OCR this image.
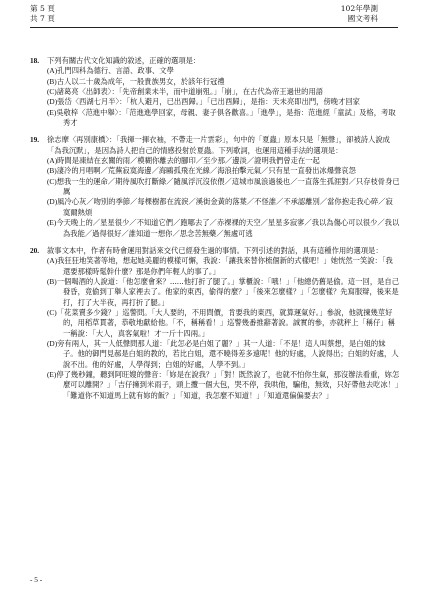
第 5 頁
共 7 頁
102年學測
國文考科
18. 下列有關古代文化知識的敘述，正確的選項是：
(A)孔門四科為德行、言語、政事、文學
(B)古人以二十歲為成年，一般貴族男女，於該年行冠禮
(C)諸葛亮〈出師表〉：「先帝創業未半，而中道崩殂。」「崩」，在古代為帝王過世的用語
(D)張岱〈西湖七月半〉：「杭人避月，已出酉歸。」「已出酉歸」，是指：天未亮即出門，傍晚才回家
(E)吳敬梓〈范進中舉〉：「范進進學回家，母親、妻子俱各歡喜。」「進學」，是指：范進經「童試」及格，考取秀才
19. 徐志摩〈再別康橋〉：「我揮一揮衣袖，不帶走一片雲彩」，句中的「夏蟲」原本只是「無聲」，卻被詩人說成「為我沉默」，是因為詩人把自己的情感投射於夏蟲。下列歌詞，也運用這種手法的選項是：
(A)時間是凍結在玄關的雨／模糊你離去的腳印／至少那／邊淡／證明我們曾走在一起
(B)淒冷的月唱啊／荒蕪寂寞海邊／海鷗孤飛在光線／海浪拍擊元氣／只有星一直發出冰爆聲哀怨
(C)想我一生的運命／期待風吹打斷綠／隨風浮沉沒依偎／這城市風浪過後也／一直落生孤涯對／只存枝骨身已厲
(D)風冷心灰／吻別的季節／每棵樹都在流淚／溪街金黃的落葉／不怪誰／不承認離別／當你抱走我心碎／寂寞爾熱煩
(E)今天晚上的／星星很少／不知道它們／跑哪去了／赤裸裸的天空／星星多寂寥／我以為傷心可以很少／我以為我能／過得很好／誰知道一想你／思念苦無藥／無處可逃
20. 敘事文本中，作者有時會運用對話來交代已經發生過的事情。下列引述的對話，具有這種作用的選項是：
(A)我狂狂地笑著等地，想起她美麗的模樣可懈，我說：「讓我來替你梳個新的式樣吧！」她恍然一笑說：「我還要那樣時髦幹什麼？那是你們年輕人的事了。」
(B)一個喝酒的人說道：「他怎麼會來？......他打折了腿了。」掌櫃說：「哦！」「他總仍舊是偷。這一回，是自己發昏，竟偷到丁舉人家裡去了。他家的東西，偷得的麼？」「後來怎麼樣？」「怎麼樣？先寫服辯，後來是打，打了大半夜，再打折了腿。」
(C)「花菜賣多少錢？」巡警問。「大人要的，不用問價，肯要我的東西，就算運氣好。」參說，他就揀幾莖好的，用稻草貫著，恭敬地獻給他。「不，稱稱看！」巡警幾番推辭著說。誠實的參，亦就秤上「稱仔」稱一稱說：「大人，真客氣啦！才一斤十四兩。」
(D)旁有兩人，其一人低聲問那人道：「此怎必是白姐了麗？」其一人道：「不是！這人叫蔡想，是白姐的妹子。他的御門見郝是白姐的教的，若比白姐，還不曉得差多遠呢！他的好處，人說得出；白姐的好處，人說不出。他的好處，人學得到；白姐的好處，人學不到。」
(E)停了幾秒鐘，聽到阿旺嫂的聲音：「妳是在說我？」「對！既然說了，也就不怕你生氣，那沒辦法看重，妳怎麼可以離開？」「吉仔擁到米雨子，頭上攬一個大包，哭不停，我哄他，騙他，無效，只好帶他去吃冰！」「難道你不知道馬上就有妳的飯？」「知道，我怎麼不知道！」「知道還偏偏要去？」
- 5 -
